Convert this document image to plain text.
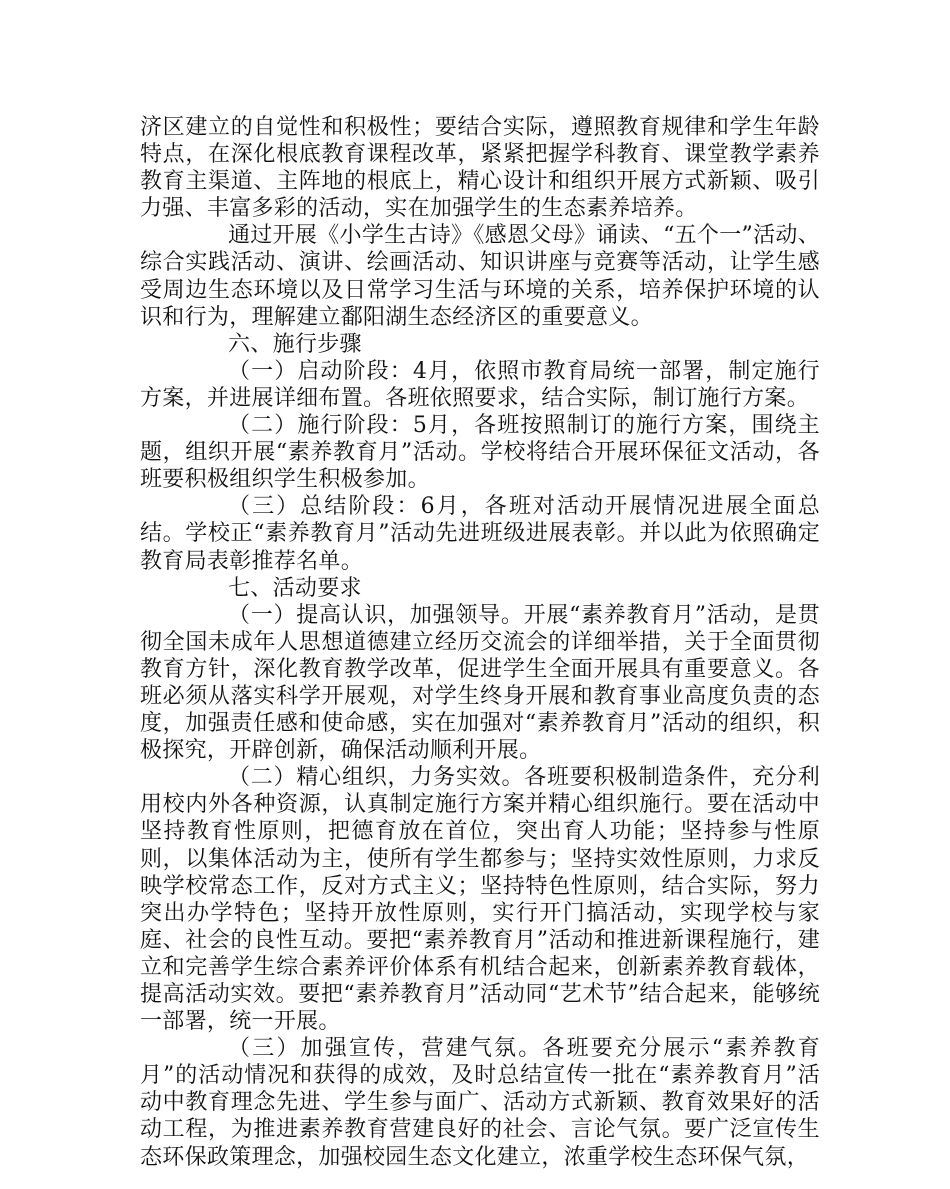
济区建立的自觉性和积极性；要结合实际，遵照教育规律和学生年龄特点，在深化根底教育课程改革，紧紧把握学科教育、课堂教学素养教育主渠道、主阵地的根底上，精心设计和组织开展方式新颖、吸引力强、丰富多彩的活动，实在加强学生的生态素养培养。

通过开展《小学生古诗》《感恩父母》诵读、“五个一”活动、综合实践活动、演讲、绘画活动、知识讲座与竞赛等活动，让学生感受周边生态环境以及日常学习生活与环境的关系，培养保护环境的认识和行为，理解建立鄱阳湖生态经济区的重要意义。

六、施行步骤

（一）启动阶段：4月，依照市教育局统一部署，制定施行方案，并进展详细布置。各班依照要求，结合实际，制订施行方案。

（二）施行阶段：5月，各班按照制订的施行方案，围绕主题，组织开展“素养教育月”活动。学校将结合开展环保征文活动，各班要积极组织学生积极参加。

（三）总结阶段：6月，各班对活动开展情况进展全面总结。学校正“素养教育月”活动先进班级进展表彰。并以此为依照确定教育局表彰推荐名单。

七、活动要求

（一）提高认识，加强领导。开展“素养教育月”活动，是贯彻全国未成年人思想道德建立经历交流会的详细举措，关于全面贯彻教育方针，深化教育教学改革，促进学生全面开展具有重要意义。各班必须从落实科学开展观，对学生终身开展和教育事业高度负责的态度，加强责任感和使命感，实在加强对“素养教育月”活动的组织，积极探究，开辟创新，确保活动顺利开展。

（二）精心组织，力务实效。各班要积极制造条件，充分利用校内外各种资源，认真制定施行方案并精心组织施行。要在活动中坚持教育性原则，把德育放在首位，突出育人功能；坚持参与性原则，以集体活动为主，使所有学生都参与；坚持实效性原则，力求反映学校常态工作，反对方式主义；坚持特色性原则，结合实际，努力突出办学特色；坚持开放性原则，实行开门搞活动，实现学校与家庭、社会的良性互动。要把“素养教育月”活动和推进新课程施行，建立和完善学生综合素养评价体系有机结合起来，创新素养教育载体，提高活动实效。要把“素养教育月”活动同“艺术节”结合起来，能够统一部署，统一开展。

（三）加强宣传，营建气氛。各班要充分展示“素养教育月”的活动情况和获得的成效，及时总结宣传一批在“素养教育月”活动中教育理念先进、学生参与面广、活动方式新颖、教育效果好的活动工程，为推进素养教育营建良好的社会、言论气氛。要广泛宣传生态环保政策理念，加强校园生态文化建立，浓重学校生态环保气氛，
